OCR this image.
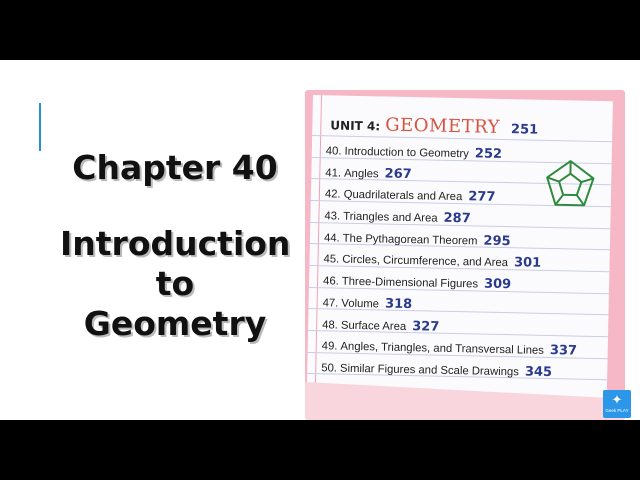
Chapter 40

Introduction

to Geometry

UNIT 4: GEOMETRY 251
40. Introduction to Geometry 252
41. Angles 267
42. Quadrilaterals and Area 277
43. Triangles and Area 287
44. The Pythagorean Theorem 295
45. Circles, Circumference, and Area 301
46. Three-Dimensional Figures 309
47. Volume 318
48. Surface Area 327
49. Angles, Triangles, and Transversal Lines 337
50. Similar Figures and Scale Drawings 345
✦
Geek PLAY
